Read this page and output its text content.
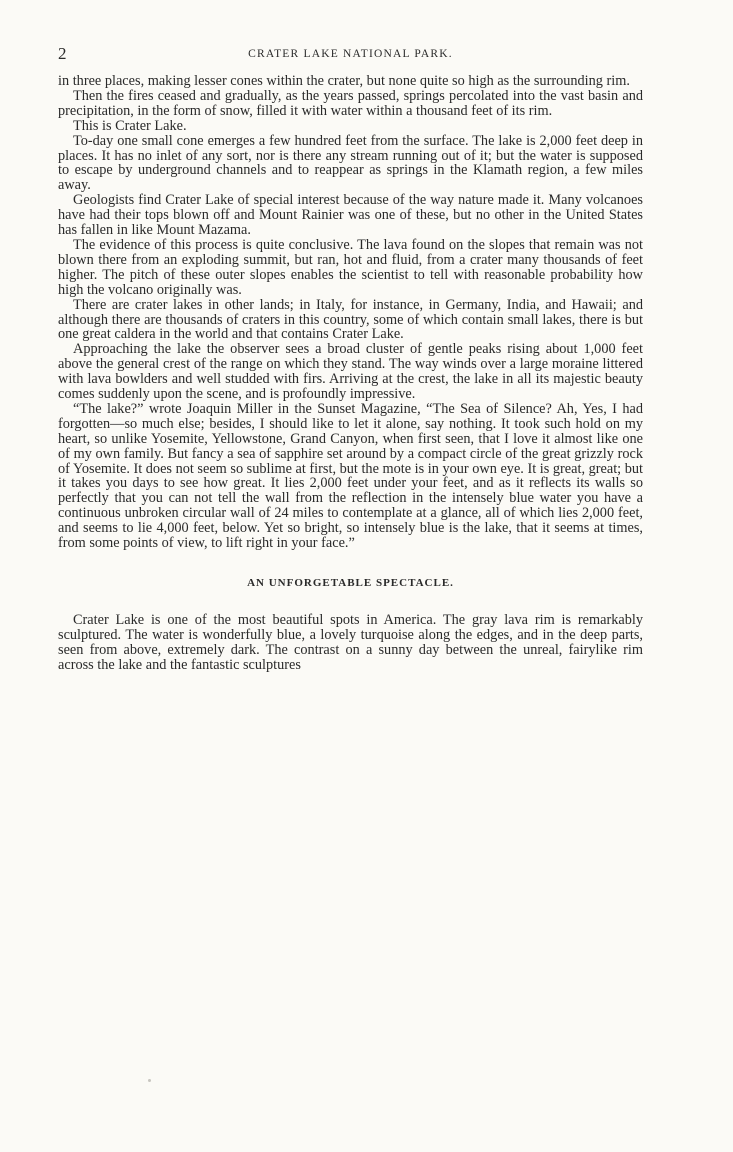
2	CRATER LAKE NATIONAL PARK.

in three places, making lesser cones within the crater, but none quite so high as the surrounding rim.

Then the fires ceased and gradually, as the years passed, springs percolated into the vast basin and precipitation, in the form of snow, filled it with water within a thousand feet of its rim.

This is Crater Lake.

To-day one small cone emerges a few hundred feet from the surface. The lake is 2,000 feet deep in places. It has no inlet of any sort, nor is there any stream running out of it; but the water is supposed to escape by underground channels and to reappear as springs in the Klamath region, a few miles away.

Geologists find Crater Lake of special interest because of the way nature made it. Many volcanoes have had their tops blown off and Mount Rainier was one of these, but no other in the United States has fallen in like Mount Mazama.

The evidence of this process is quite conclusive. The lava found on the slopes that remain was not blown there from an exploding summit, but ran, hot and fluid, from a crater many thousands of feet higher. The pitch of these outer slopes enables the scientist to tell with reasonable probability how high the volcano originally was.

There are crater lakes in other lands; in Italy, for instance, in Germany, India, and Hawaii; and although there are thousands of craters in this country, some of which contain small lakes, there is but one great caldera in the world and that contains Crater Lake.

Approaching the lake the observer sees a broad cluster of gentle peaks rising about 1,000 feet above the general crest of the range on which they stand. The way winds over a large moraine littered with lava bowlders and well studded with firs. Arriving at the crest, the lake in all its majestic beauty comes suddenly upon the scene, and is profoundly impressive.

“The lake?” wrote Joaquin Miller in the Sunset Magazine, “The Sea of Silence? Ah, Yes, I had forgotten—so much else; besides, I should like to let it alone, say nothing. It took such hold on my heart, so unlike Yosemite, Yellowstone, Grand Canyon, when first seen, that I love it almost like one of my own family. But fancy a sea of sapphire set around by a compact circle of the great grizzly rock of Yosemite. It does not seem so sublime at first, but the mote is in your own eye. It is great, great; but it takes you days to see how great. It lies 2,000 feet under your feet, and as it reflects its walls so perfectly that you can not tell the wall from the reflection in the intensely blue water you have a continuous unbroken circular wall of 24 miles to contemplate at a glance, all of which lies 2,000 feet, and seems to lie 4,000 feet, below. Yet so bright, so intensely blue is the lake, that it seems at times, from some points of view, to lift right in your face.”

AN UNFORGETABLE SPECTACLE.

Crater Lake is one of the most beautiful spots in America. The gray lava rim is remarkably sculptured. The water is wonderfully blue, a lovely turquoise along the edges, and in the deep parts, seen from above, extremely dark. The contrast on a sunny day between the unreal, fairylike rim across the lake and the fantastic sculptures
